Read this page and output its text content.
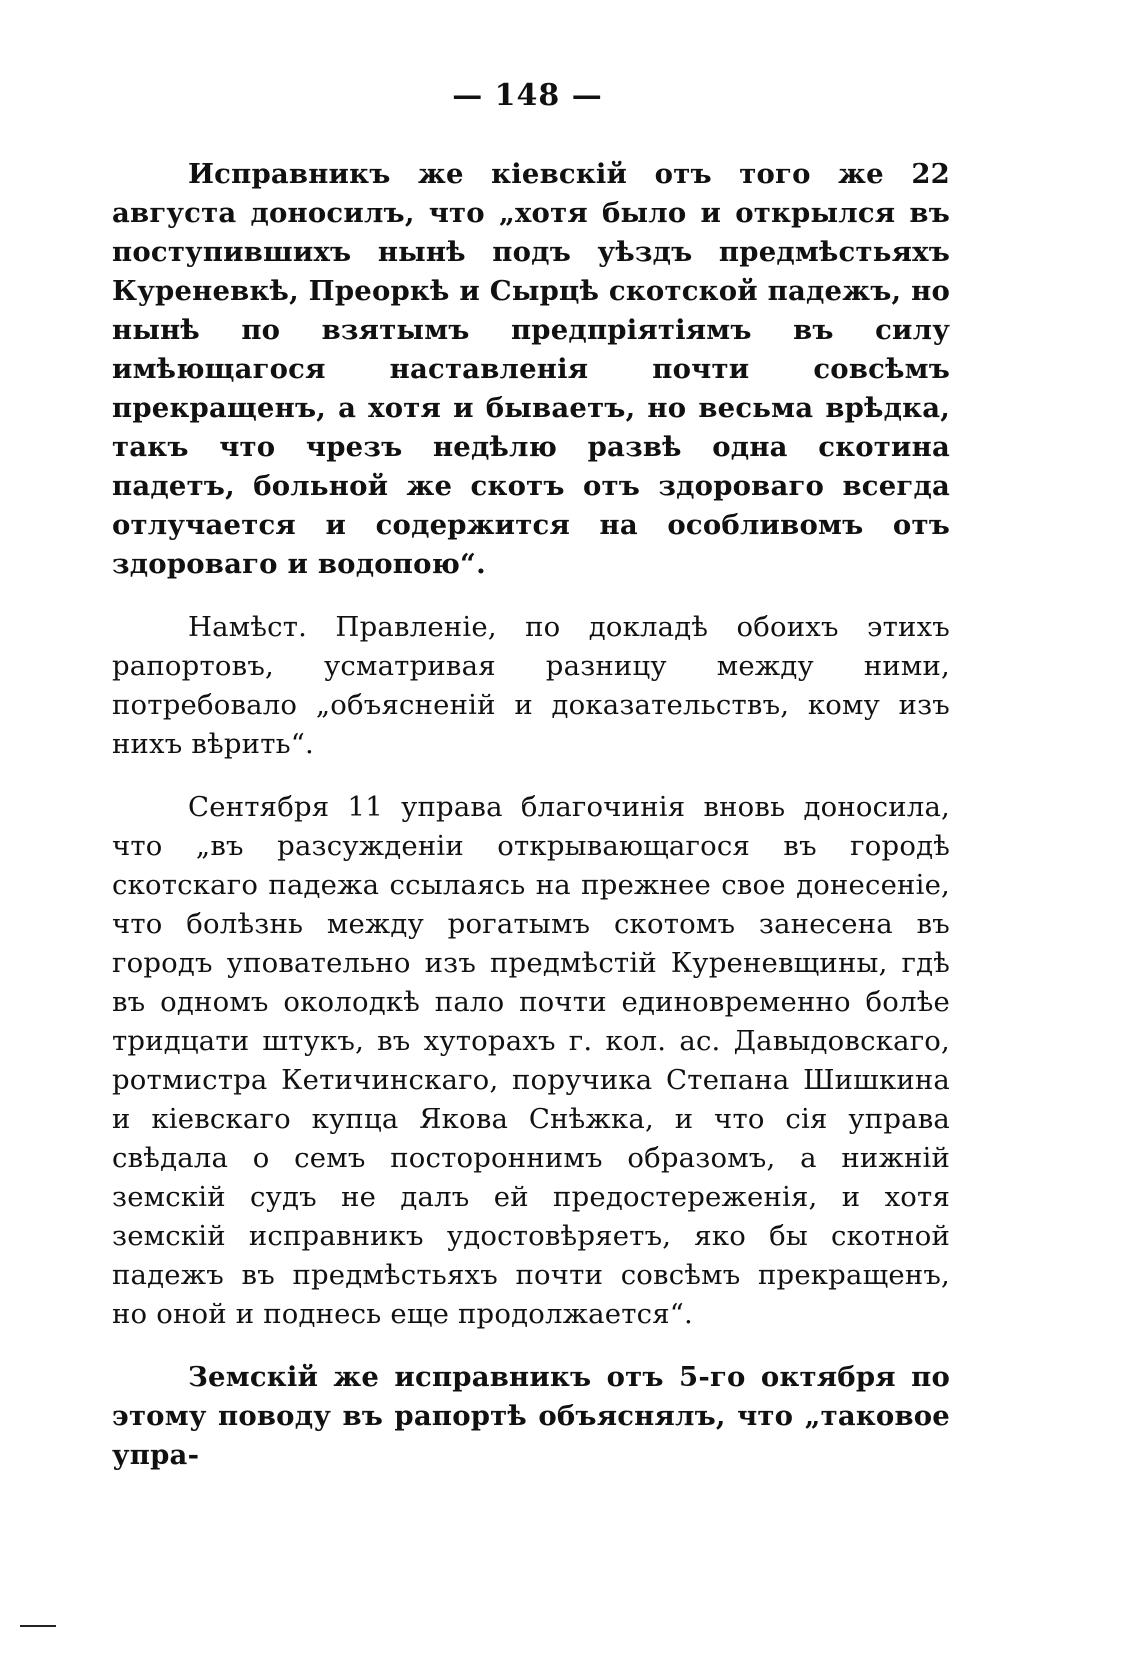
— 148 —

Исправникъ же кіевскій отъ того же 22 августа доносилъ, что „хотя было и открылся въ поступившихъ нынѣ подъ уѣздъ предмѣстьяхъ Куреневкѣ, Преоркѣ и Сырцѣ скотской падежъ, но нынѣ по взятымъ предпріятіямъ въ силу имѣющагося наставленія почти совсѣмъ прекращенъ, а хотя и бываетъ, но весьма врѣдка, такъ что чрезъ недѣлю развѣ одна скотина падетъ, больной же скотъ отъ здороваго всегда отлучается и содержится на особливомъ отъ здороваго и водопою“.

Намѣст. Правленіе, по докладѣ обоихъ этихъ рапортовъ, усматривая разницу между ними, потребовало „объясненій и доказательствъ, кому изъ нихъ вѣрить“.

Сентября 11 управа благочинія вновь доносила, что „въ разсужденіи открывающагося въ городѣ скотскаго падежа ссылаясь на прежнее свое донесеніе, что болѣзнь между рогатымъ скотомъ занесена въ городъ уповательно изъ предмѣстій Куреневщины, гдѣ въ одномъ околодкѣ пало почти единовременно болѣе тридцати штукъ, въ хуторахъ г. кол. ас. Давыдовскаго, ротмистра Кетичинскаго, поручика Степана Шишкина и кіевскаго купца Якова Снѣжка, и что сія управа свѣдала о семъ постороннимъ образомъ, а нижній земскій судъ не далъ ей предостереженія, и хотя земскій исправникъ удостовѣряетъ, яко бы скотной падежъ въ предмѣстьяхъ почти совсѣмъ прекращенъ, но оной и поднесь еще продолжается“.

Земскій же исправникъ отъ 5-го октября по этому поводу въ рапортѣ объяснялъ, что „таковое упра-
